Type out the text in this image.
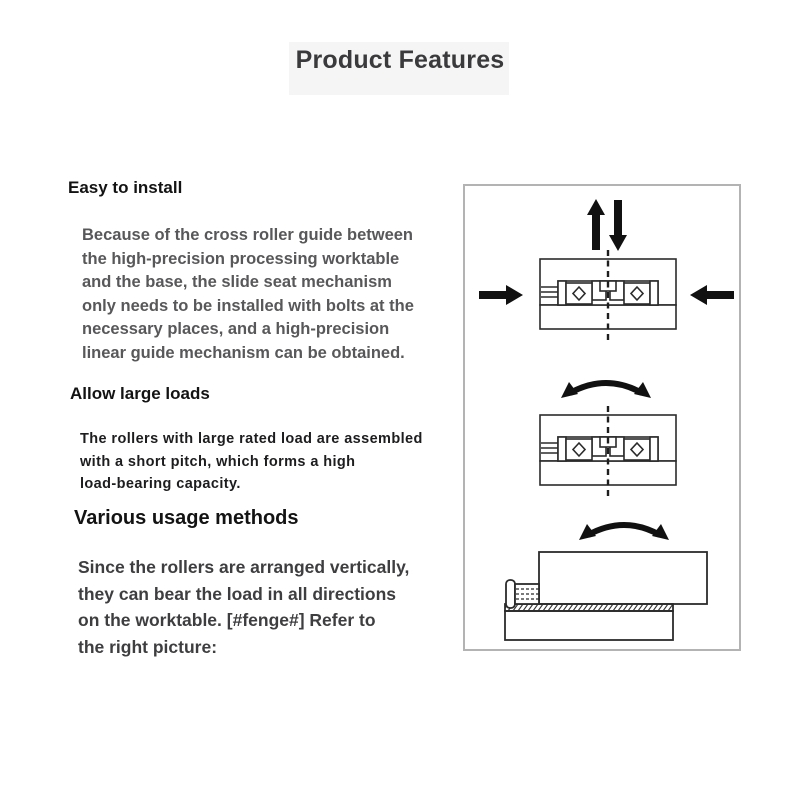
Product Features
Easy to install
Because of the cross roller guide between
the high-precision processing worktable
and the base, the slide seat mechanism
only needs to be installed with bolts at the
necessary places, and a high-precision
linear guide mechanism can be obtained.
Allow large loads
The rollers with large rated load are assembled
with a short pitch, which forms a high
load-bearing capacity.
Various usage methods
Since the rollers are arranged vertically,
they can bear the load in all directions
on the worktable. [#fenge#] Refer to
the right picture:
